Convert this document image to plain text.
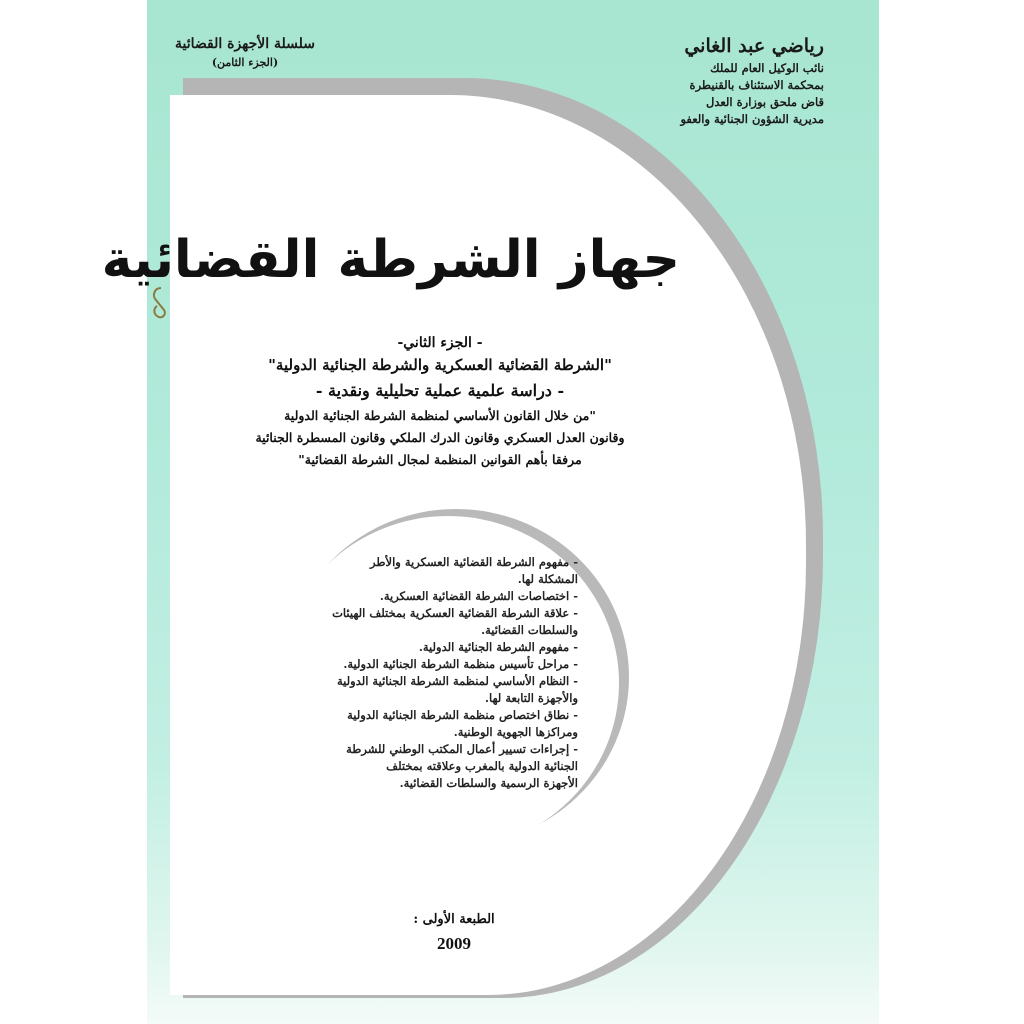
رياضي عبد الغاني
نائب الوكيل العام للملك
بمحكمة الاستئناف بالقنيطرة
قاض ملحق بوزارة العدل
مديرية الشؤون الجنائية والعفو
سلسلة الأجهزة القضائية
(الجزء الثامن)
جهاز الشرطة القضائية
- الجزء الثاني-
"الشرطة القضائية العسكرية والشرطة الجنائية الدولية"
- دراسة علمية عملية تحليلية ونقدية -
"من خلال القانون الأساسي لمنظمة الشرطة الجنائية الدولية
وقانون العدل العسكري وقانون الدرك الملكي وقانون المسطرة الجنائية
مرفقا بأهم القوانين المنظمة لمجال الشرطة القضائية"
- مفهوم الشرطة القضائية العسكرية والأطر
المشكلة لها.
- اختصاصات الشرطة القضائية العسكرية.
- علاقة الشرطة القضائية العسكرية بمختلف الهيئات
والسلطات القضائية.
- مفهوم الشرطة الجنائية الدولية.
- مراحل تأسيس منظمة الشرطة الجنائية الدولية.
- النظام الأساسي لمنظمة الشرطة الجنائية الدولية
والأجهزة التابعة لها.
- نطاق اختصاص منظمة الشرطة الجنائية الدولية
ومراكزها الجهوية الوطنية.
- إجراءات تسيير أعمال المكتب الوطني للشرطة
الجنائية الدولية بالمغرب وعلاقته بمختلف
الأجهزة الرسمية والسلطات القضائية.
الطبعة الأولى :
2009
